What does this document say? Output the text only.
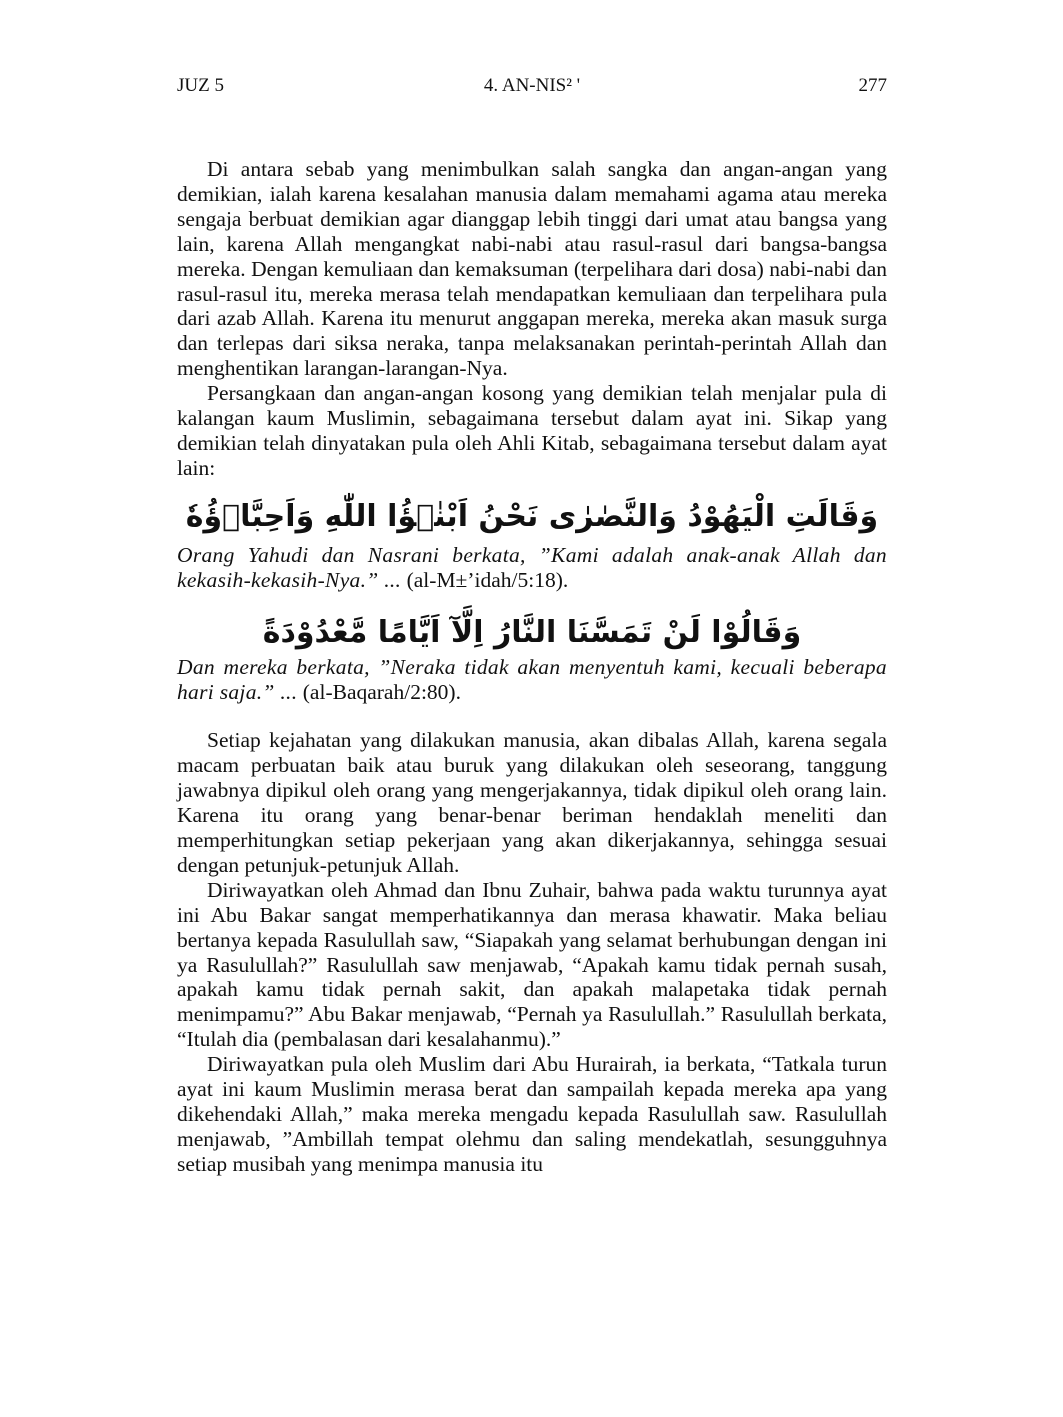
JUZ 5	4. AN-NIS² '	277

Di antara sebab yang menimbulkan salah sangka dan angan-angan yang demikian, ialah karena kesalahan manusia dalam memahami agama atau mereka sengaja berbuat demikian agar dianggap lebih tinggi dari umat atau bangsa yang lain, karena Allah mengangkat nabi-nabi atau rasul-rasul dari bangsa-bangsa mereka. Dengan kemuliaan dan kemaksuman (terpelihara dari dosa) nabi-nabi dan rasul-rasul itu, mereka merasa telah mendapatkan kemuliaan dan terpelihara pula dari azab Allah. Karena itu menurut anggapan mereka, mereka akan masuk surga dan terlepas dari siksa neraka, tanpa melaksanakan perintah-perintah Allah dan menghentikan larangan-larangan-Nya.

Persangkaan dan angan-angan kosong yang demikian telah menjalar pula di kalangan kaum Muslimin, sebagaimana tersebut dalam ayat ini. Sikap yang demikian telah dinyatakan pula oleh Ahli Kitab, sebagaimana tersebut dalam ayat lain:

وَقَالَتِ الْيَهُوْدُ وَالنَّصٰرٰى نَحْنُ اَبْنٰۤؤُا اللّٰهِ وَاَحِبَّاۤؤُهٗ

Orang Yahudi dan Nasrani berkata, ”Kami adalah anak-anak Allah dan kekasih-kekasih-Nya.” ... (al-M±’idah/5:18).

وَقَالُوْا لَنْ تَمَسَّنَا النَّارُ اِلَّآ اَيَّامًا مَّعْدُوْدَةً

Dan mereka berkata, ”Neraka tidak akan menyentuh kami, kecuali beberapa hari saja.” ... (al-Baqarah/2:80).

Setiap kejahatan yang dilakukan manusia, akan dibalas Allah, karena segala macam perbuatan baik atau buruk yang dilakukan oleh seseorang, tanggung jawabnya dipikul oleh orang yang mengerjakannya, tidak dipikul oleh orang lain. Karena itu orang yang benar-benar beriman hendaklah meneliti dan memperhitungkan setiap pekerjaan yang akan dikerjakannya, sehingga sesuai dengan petunjuk-petunjuk Allah.

Diriwayatkan oleh Ahmad dan Ibnu Zuhair, bahwa pada waktu turunnya ayat ini Abu Bakar sangat memperhatikannya dan merasa khawatir. Maka beliau bertanya kepada Rasulullah saw, “Siapakah yang selamat berhubungan dengan ini ya Rasulullah?” Rasulullah saw menjawab, “Apakah kamu tidak pernah susah, apakah kamu tidak pernah sakit, dan apakah malapetaka tidak pernah menimpamu?” Abu Bakar menjawab, “Pernah ya Rasulullah.” Rasulullah berkata, “Itulah dia (pembalasan dari kesalahanmu).”

Diriwayatkan pula oleh Muslim dari Abu Hurairah, ia berkata, “Tatkala turun ayat ini kaum Muslimin merasa berat dan sampailah kepada mereka apa yang dikehendaki Allah,” maka mereka mengadu kepada Rasulullah saw. Rasulullah menjawab, ”Ambillah tempat olehmu dan saling mendekatlah, sesungguhnya setiap musibah yang menimpa manusia itu
